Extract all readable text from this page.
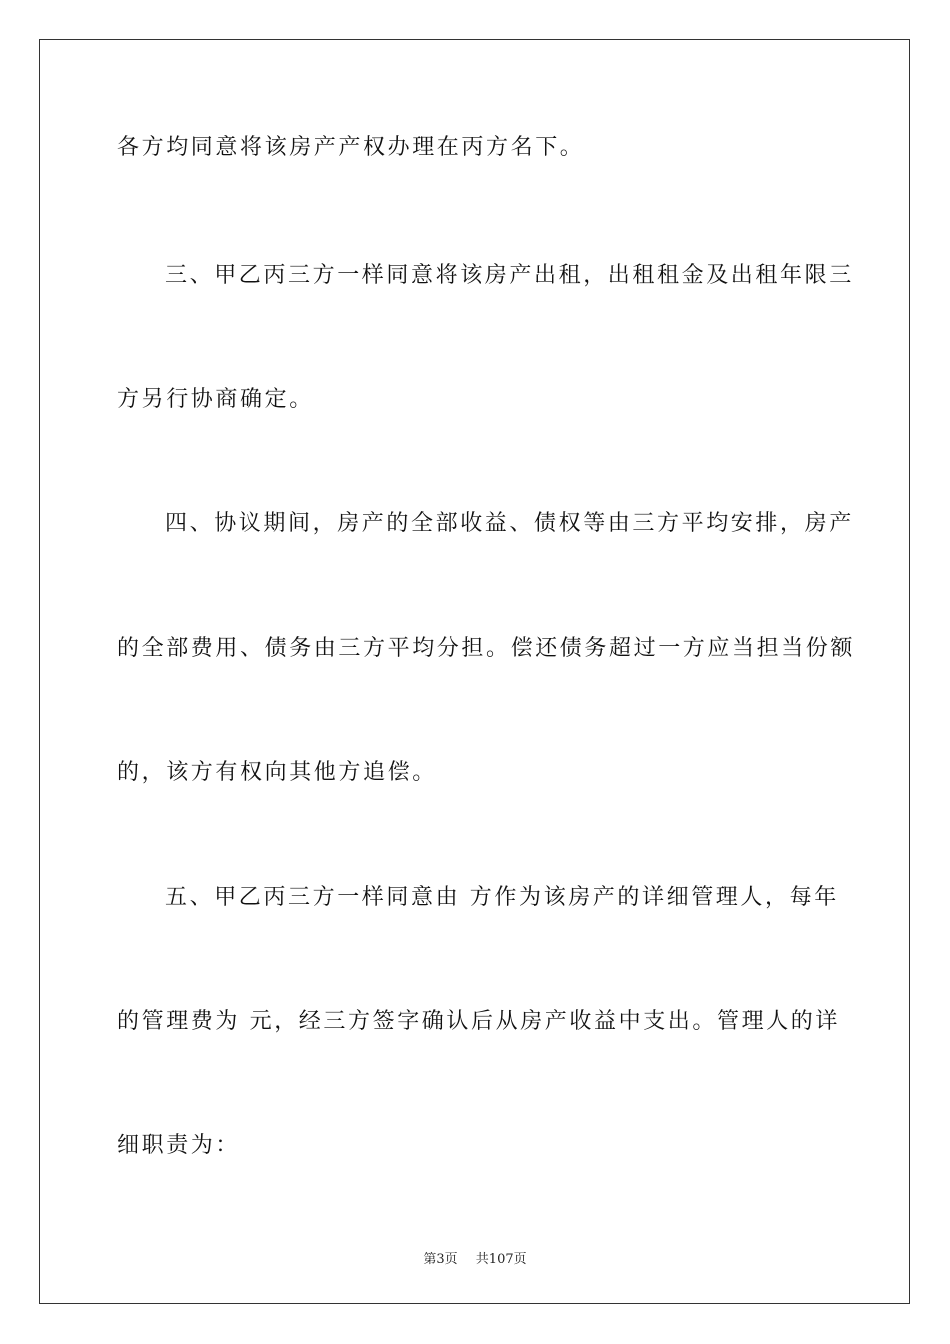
各方均同意将该房产产权办理在丙方名下。
三、甲乙丙三方一样同意将该房产出租，出租租金及出租年限三
方另行协商确定。
四、协议期间，房产的全部收益、债权等由三方平均安排，房产
的全部费用、债务由三方平均分担。偿还债务超过一方应当担当份额
的，该方有权向其他方追偿。
五、甲乙丙三方一样同意由 方作为该房产的详细管理人，每年
的管理费为 元，经三方签字确认后从房产收益中支出。管理人的详
细职责为：
第3页 共107页
